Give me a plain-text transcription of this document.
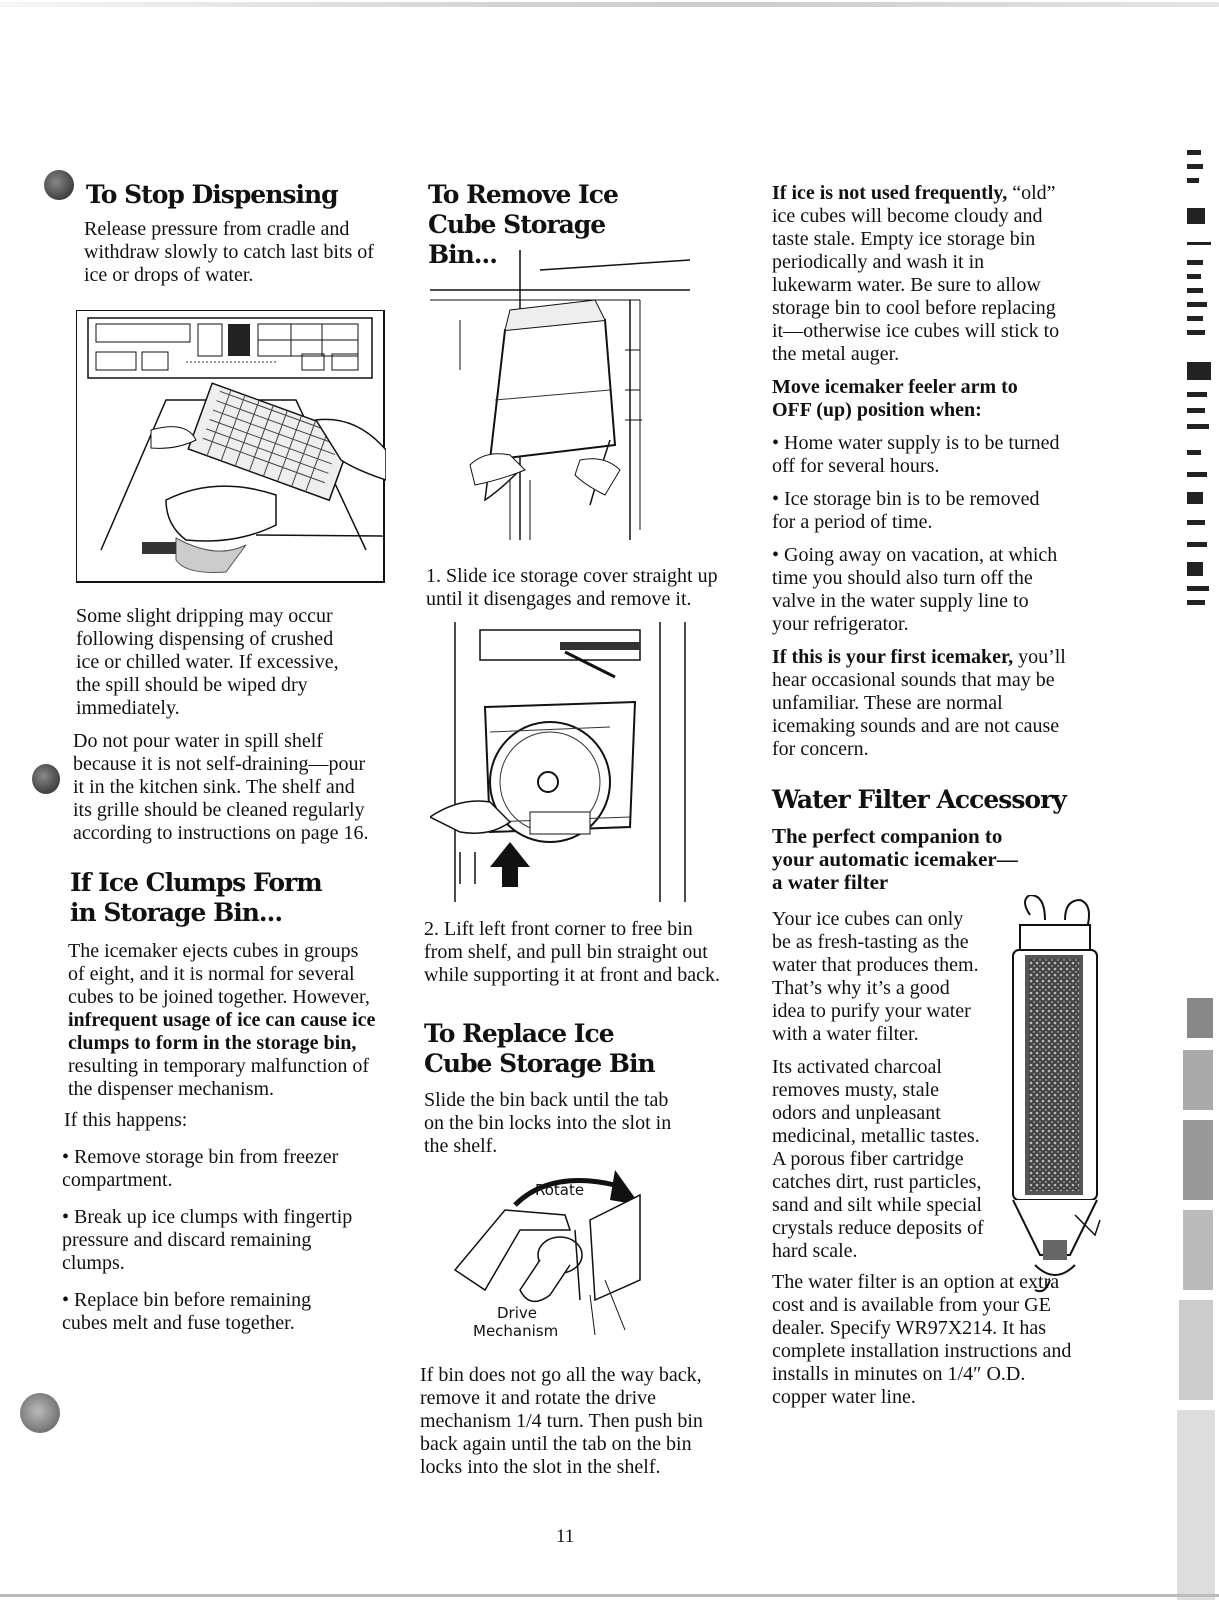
To Stop Dispensing

Release pressure from cradle and withdraw slowly to catch last bits of ice or drops of water.

Some slight dripping may occur following dispensing of crushed ice or chilled water. If excessive, the spill should be wiped dry immediately.

Do not pour water in spill shelf because it is not self-draining—pour it in the kitchen sink. The shelf and its grille should be cleaned regularly according to instructions on page 16.

If Ice Clumps Form in Storage Bin...

The icemaker ejects cubes in groups of eight, and it is normal for several cubes to be joined together. However, infrequent usage of ice can cause ice clumps to form in the storage bin, resulting in temporary malfunction of the dispenser mechanism.

If this happens:

• Remove storage bin from freezer compartment.

• Break up ice clumps with fingertip pressure and discard remaining clumps.

• Replace bin before remaining cubes melt and fuse together.

To Remove Ice Cube Storage Bin...

1. Slide ice storage cover straight up until it disengages and remove it.

2. Lift left front corner to free bin from shelf, and pull bin straight out while supporting it at front and back.

To Replace Ice Cube Storage Bin

Slide the bin back until the tab on the bin locks into the slot in the shelf.

Rotate
Drive
Mechanism

If bin does not go all the way back, remove it and rotate the drive mechanism 1/4 turn. Then push bin back again until the tab on the bin locks into the slot in the shelf.

If ice is not used frequently, “old” ice cubes will become cloudy and taste stale. Empty ice storage bin periodically and wash it in lukewarm water. Be sure to allow storage bin to cool before replacing it—otherwise ice cubes will stick to the metal auger.

Move icemaker feeler arm to OFF (up) position when:

• Home water supply is to be turned off for several hours.

• Ice storage bin is to be removed for a period of time.

• Going away on vacation, at which time you should also turn off the valve in the water supply line to your refrigerator.

If this is your first icemaker, you’ll hear occasional sounds that may be unfamiliar. These are normal icemaking sounds and are not cause for concern.

Water Filter Accessory

The perfect companion to your automatic icemaker— a water filter

Your ice cubes can only be as fresh-tasting as the water that produces them. That’s why it’s a good idea to purify your water with a water filter.

Its activated charcoal removes musty, stale odors and unpleasant medicinal, metallic tastes. A porous fiber cartridge catches dirt, rust particles, sand and silt while special crystals reduce deposits of hard scale.

The water filter is an option at extra cost and is available from your GE dealer. Specify WR97X214. It has complete installation instructions and installs in minutes on 1/4″ O.D. copper water line.

11
